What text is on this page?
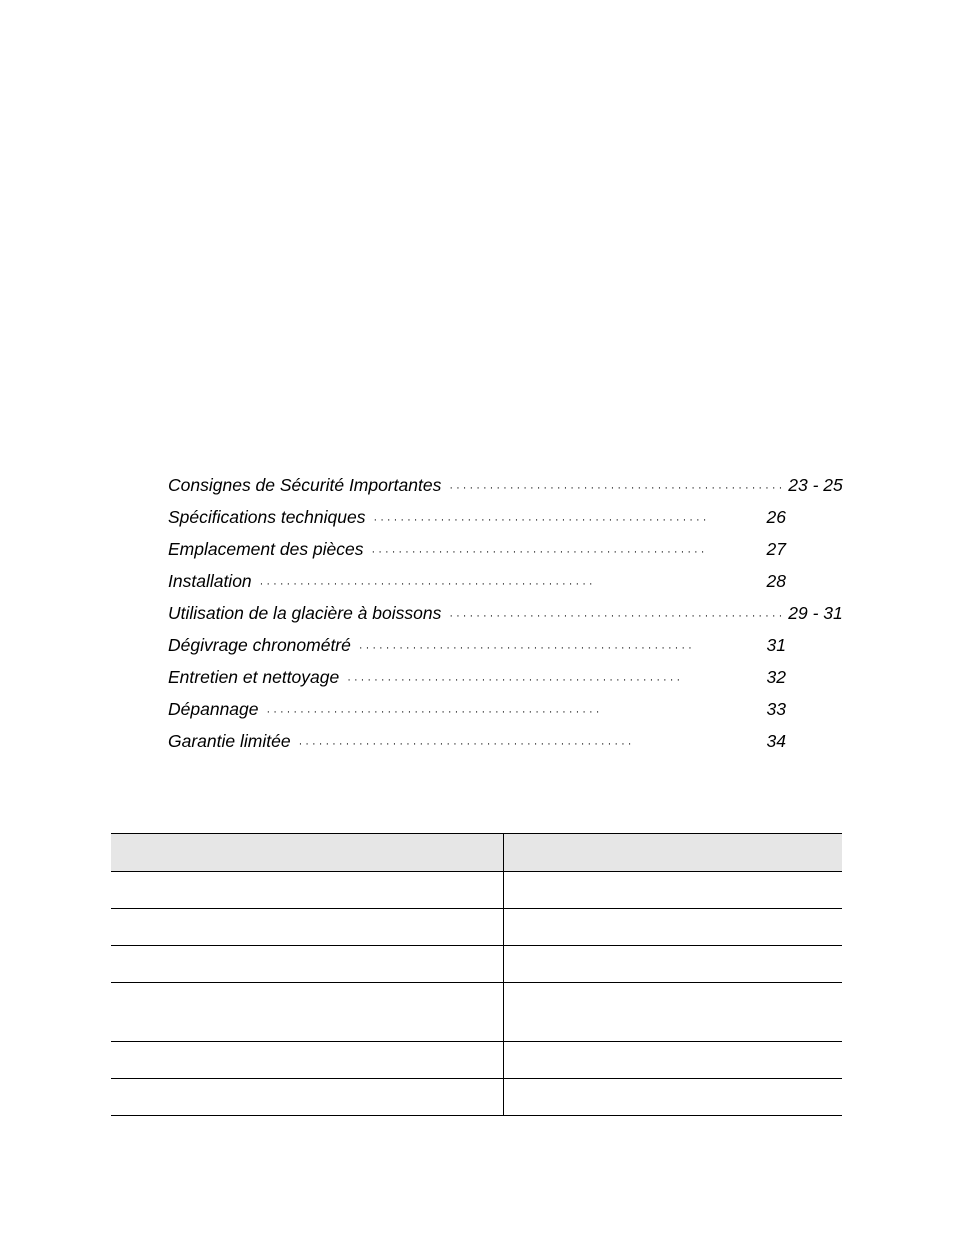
Consignes de Sécurité Importantes · · · · · · · · · · · · · · · · · · · · · · · · · · · · · · · · · · · · · · · · · · · · · · · · · · 23 - 25
Spécifications techniques · · · · · · · · · · · · · · · · · · · · · · · · · · · · · · · · · · · · · · · · · · · · · · · · · ·	26
Emplacement des pièces · · · · · · · · · · · · · · · · · · · · · · · · · · · · · · · · · · · · · · · · · · · · · · · · · ·	27
Installation · · · · · · · · · · · · · · · · · · · · · · · · · · · · · · · · · · · · · · · · · · · · · · · · · ·	28
Utilisation de la glacière à boissons · · · · · · · · · · · · · · · · · · · · · · · · · · · · · · · · · · · · · · · · · · · · · · · · · · 29 - 31
Dégivrage chronométré · · · · · · · · · · · · · · · · · · · · · · · · · · · · · · · · · · · · · · · · · · · · · · · · · ·	31
Entretien et nettoyage · · · · · · · · · · · · · · · · · · · · · · · · · · · · · · · · · · · · · · · · · · · · · · · · · ·	32
Dépannage · · · · · · · · · · · · · · · · · · · · · · · · · · · · · · · · · · · · · · · · · · · · · · · · · ·	33
Garantie limitée · · · · · · · · · · · · · · · · · · · · · · · · · · · · · · · · · · · · · · · · · · · · · · · · · ·	34
